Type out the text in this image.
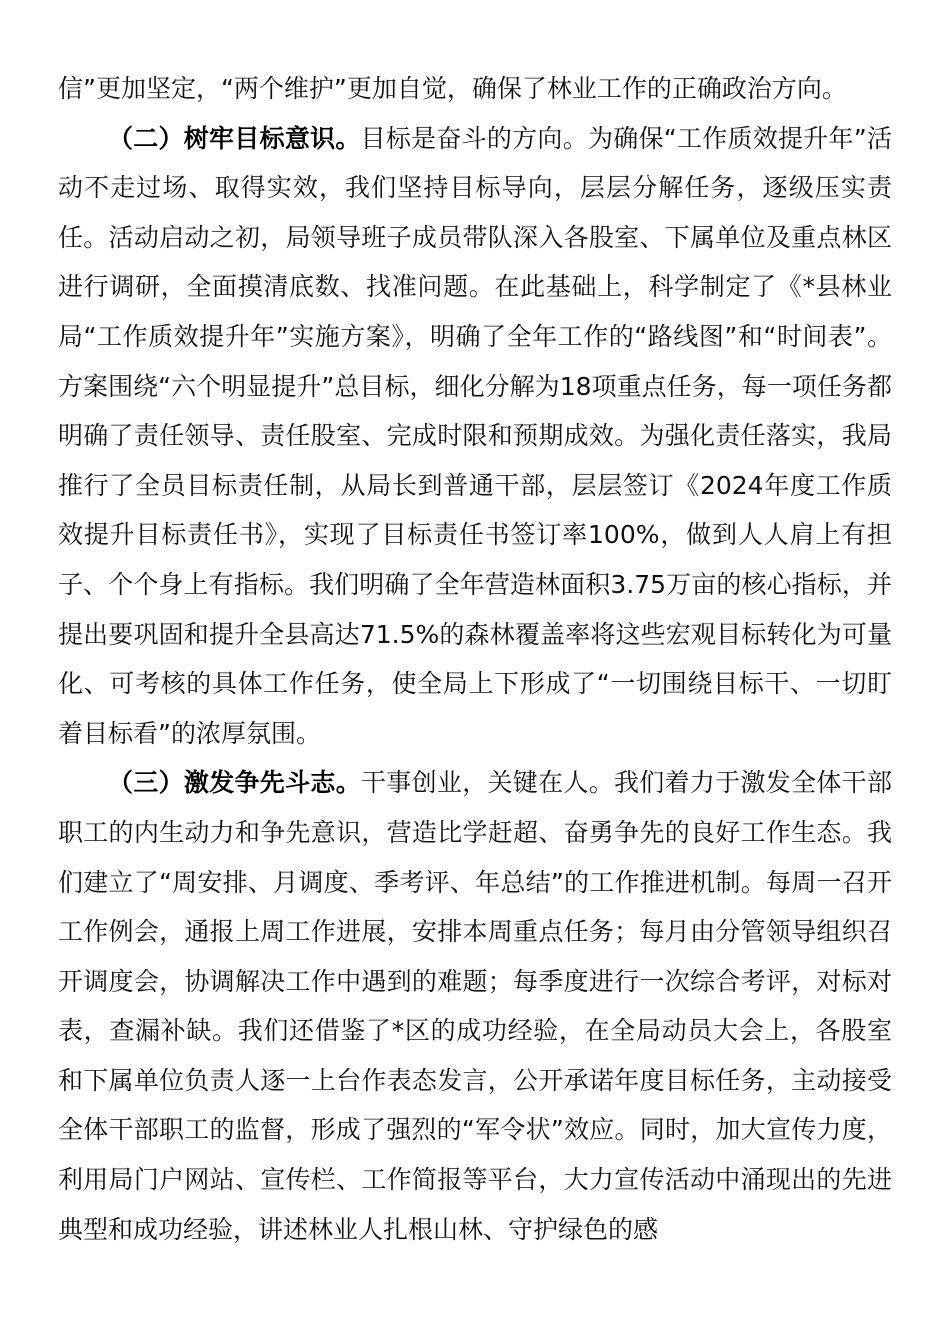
信”更加坚定，“两个维护”更加自觉，确保了林业工作的正确政治方向。

（二）树牢目标意识。目标是奋斗的方向。为确保“工作质效提升年”活动不走过场、取得实效，我们坚持目标导向，层层分解任务，逐级压实责任。活动启动之初，局领导班子成员带队深入各股室、下属单位及重点林区进行调研，全面摸清底数、找准问题。在此基础上，科学制定了《*县林业局“工作质效提升年”实施方案》，明确了全年工作的“路线图”和“时间表”。方案围绕“六个明显提升”总目标，细化分解为18项重点任务，每一项任务都明确了责任领导、责任股室、完成时限和预期成效。为强化责任落实，我局推行了全员目标责任制，从局长到普通干部，层层签订《2024年度工作质效提升目标责任书》，实现了目标责任书签订率100%，做到人人肩上有担子、个个身上有指标。我们明确了全年营造林面积3.75万亩的核心指标，并提出要巩固和提升全县高达71.5%的森林覆盖率将这些宏观目标转化为可量化、可考核的具体工作任务，使全局上下形成了“一切围绕目标干、一切盯着目标看”的浓厚氛围。

（三）激发争先斗志。干事创业，关键在人。我们着力于激发全体干部职工的内生动力和争先意识，营造比学赶超、奋勇争先的良好工作生态。我们建立了“周安排、月调度、季考评、年总结”的工作推进机制。每周一召开工作例会，通报上周工作进展，安排本周重点任务；每月由分管领导组织召开调度会，协调解决工作中遇到的难题；每季度进行一次综合考评，对标对表，查漏补缺。我们还借鉴了*区的成功经验，在全局动员大会上，各股室和下属单位负责人逐一上台作表态发言，公开承诺年度目标任务，主动接受全体干部职工的监督，形成了强烈的“军令状”效应。同时，加大宣传力度，利用局门户网站、宣传栏、工作简报等平台，大力宣传活动中涌现出的先进典型和成功经验，讲述林业人扎根山林、守护绿色的感
